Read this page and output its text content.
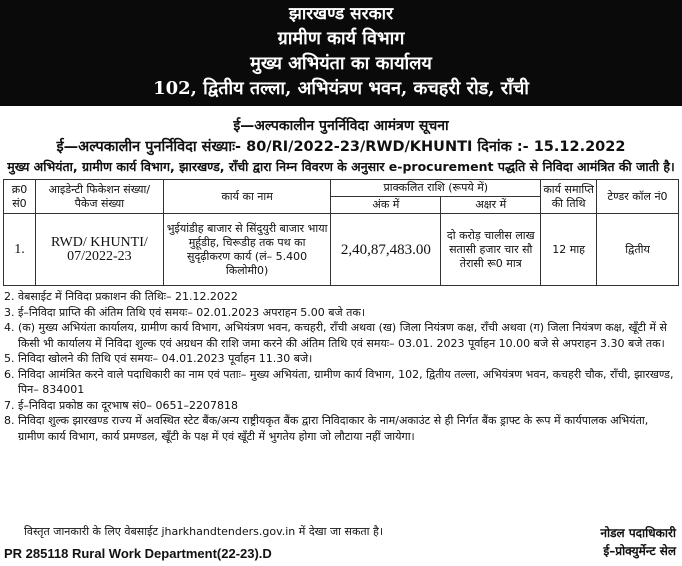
झारखण्ड सरकार
ग्रामीण कार्य विभाग
मुख्य अभियंता का कार्यालय
102, द्वितीय तल्ला, अभियंत्रण भवन, कचहरी रोड, राँची
ई—अल्पकालीन पुनर्निविदा आमंत्रण सूचना
ई—अल्पकालीन पुनर्निविदा संख्याः- 80/RI/2022-23/RWD/KHUNTI दिनांक :- 15.12.2022
मुख्य अभियंता, ग्रामीण कार्य विभाग, झारखण्ड, राँची द्वारा निम्न विवरण के अनुसार e-procurement पद्धति से निविदा आमंत्रित की जाती है।
क्र0 सं0	आइडेन्टी फिकेशन संख्या/पैकेज संख्या	कार्य का नाम	प्राक्कलित राशि (रूपये में)		कार्य समाप्ति की तिथि	टेण्डर कॉल नं0
			अंक में	अक्षर में		
1.	RWD/ KHUNTI/ 07/2022-23	भुईयांडीह बाजार से सिंदुयुरी बाजार भाया मुर्हूडीह, चिरूडीह तक पथ का सुदृढ़ीकरण कार्य (लं– 5.400 किलोमी0)	2,40,87,483.00	दो करोड़ चालीस लाख सतासी हजार चार सौ तेरासी रू0 मात्र	12 माह	द्वितीय
2. वेबसाईट में निविदा प्रकाशन की तिथिः– 21.12.2022
3. ई–निविदा प्राप्ति की अंतिम तिथि एवं समयः– 02.01.2023 अपराहन 5.00 बजे तक।
4. (क) मुख्य अभियंता कार्यालय, ग्रामीण कार्य विभाग, अभियंत्रण भवन, कचहरी, राँची अथवा (ख) जिला नियंत्रण कक्ष, राँची अथवा (ग) जिला नियंत्रण कक्ष, खूँटी में से किसी भी कार्यालय में निविदा शुल्क एवं अग्रधन की राशि जमा करने की अंतिम तिथि एवं समयः– 03.01. 2023 पूर्वाहन 10.00 बजे से अपराहन 3.30 बजे तक।
5. निविदा खोलने की तिथि एवं समयः– 04.01.2023 पूर्वाहन 11.30 बजे।
6. निविदा आमंत्रित करने वाले पदाधिकारी का नाम एवं पताः– मुख्य अभियंता, ग्रामीण कार्य विभाग, 102, द्वितीय तल्ला, अभियंत्रण भवन, कचहरी चौक, राँची, झारखण्ड, पिन– 834001
7. ई–निविदा प्रकोष्ठ का दूरभाष सं0– 0651–2207818
8. निविदा शुल्क झारखण्ड राज्य में अवस्थित स्टेट बैंक/अन्य राष्ट्रीयकृत बैंक द्वारा निविदाकार के नाम/अकाउंट से ही निर्गत बैंक ड्राफ्ट के रूप में कार्यपालक अभियंता, ग्रामीण कार्य विभाग, कार्य प्रमण्डल, खूँटी के पक्ष में एवं खूँटी में भुगतेय होगा जो लौटाया नहीं जायेगा।
विस्तृत जानकारी के लिए वेबसाईट jharkhandtenders.gov.in में देखा जा सकता है।	नोडल पदाधिकारी
ई–प्रोक्युर्मेन्ट सेल
PR 285118 Rural Work Department(22-23).D
